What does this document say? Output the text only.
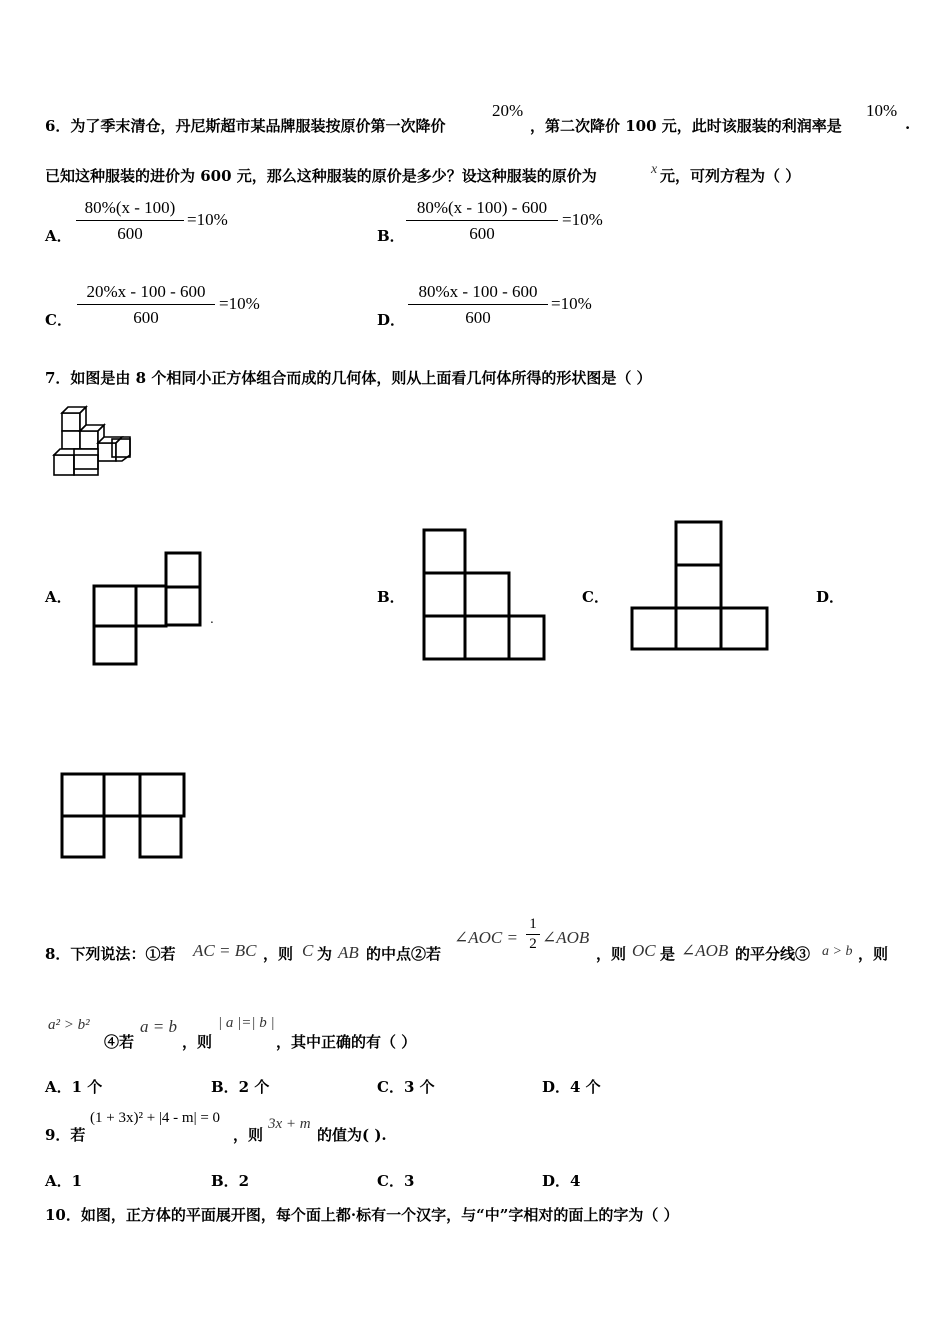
6．为了季末清仓，丹尼斯超市某品牌服装按原价第一次降价
20%
，第二次降价 100 元，此时该服装的利润率是
10%
.
已知这种服装的进价为 600 元，那么这种服装的原价是多少？设这种服装的原价为	x 元，可列方程为（ ）
A． $\frac{80\%(x - 100)}{600} =10\%$
B． $\frac{80\%(x - 100) - 600}{600} =10\%$
C． $\frac{20\%x - 100 - 600}{600} =10\%$
D． $\frac{80\%x - 100 - 600}{600} =10\%$
7．如图是由 8 个相同小正方体组合而成的几何体，则从上面看几何体所得的形状图是（ ）
A．	B．	C．	D．
.
8．下列说法：①若 AC = BC ，则 C 为 AB 的中点②若
∠AOC = $\frac{1}{2}$ ∠AOB
，则 OC 是 ∠AOB 的平分线③ a > b ，则
a² > b²
④若
a = b
，则
| a |=| b |
，其中正确的有（ ）
A．1 个	B．2 个	C．3 个	D．4 个
9．若
(1 + 3x)² + |4 - m| = 0
，则
3x + m
的值为( ).
A．1	B．2	C．3	D．4
10．如图，正方体的平面展开图，每个面上都·标有一个汉字，与“中”字相对的面上的字为（ ）
